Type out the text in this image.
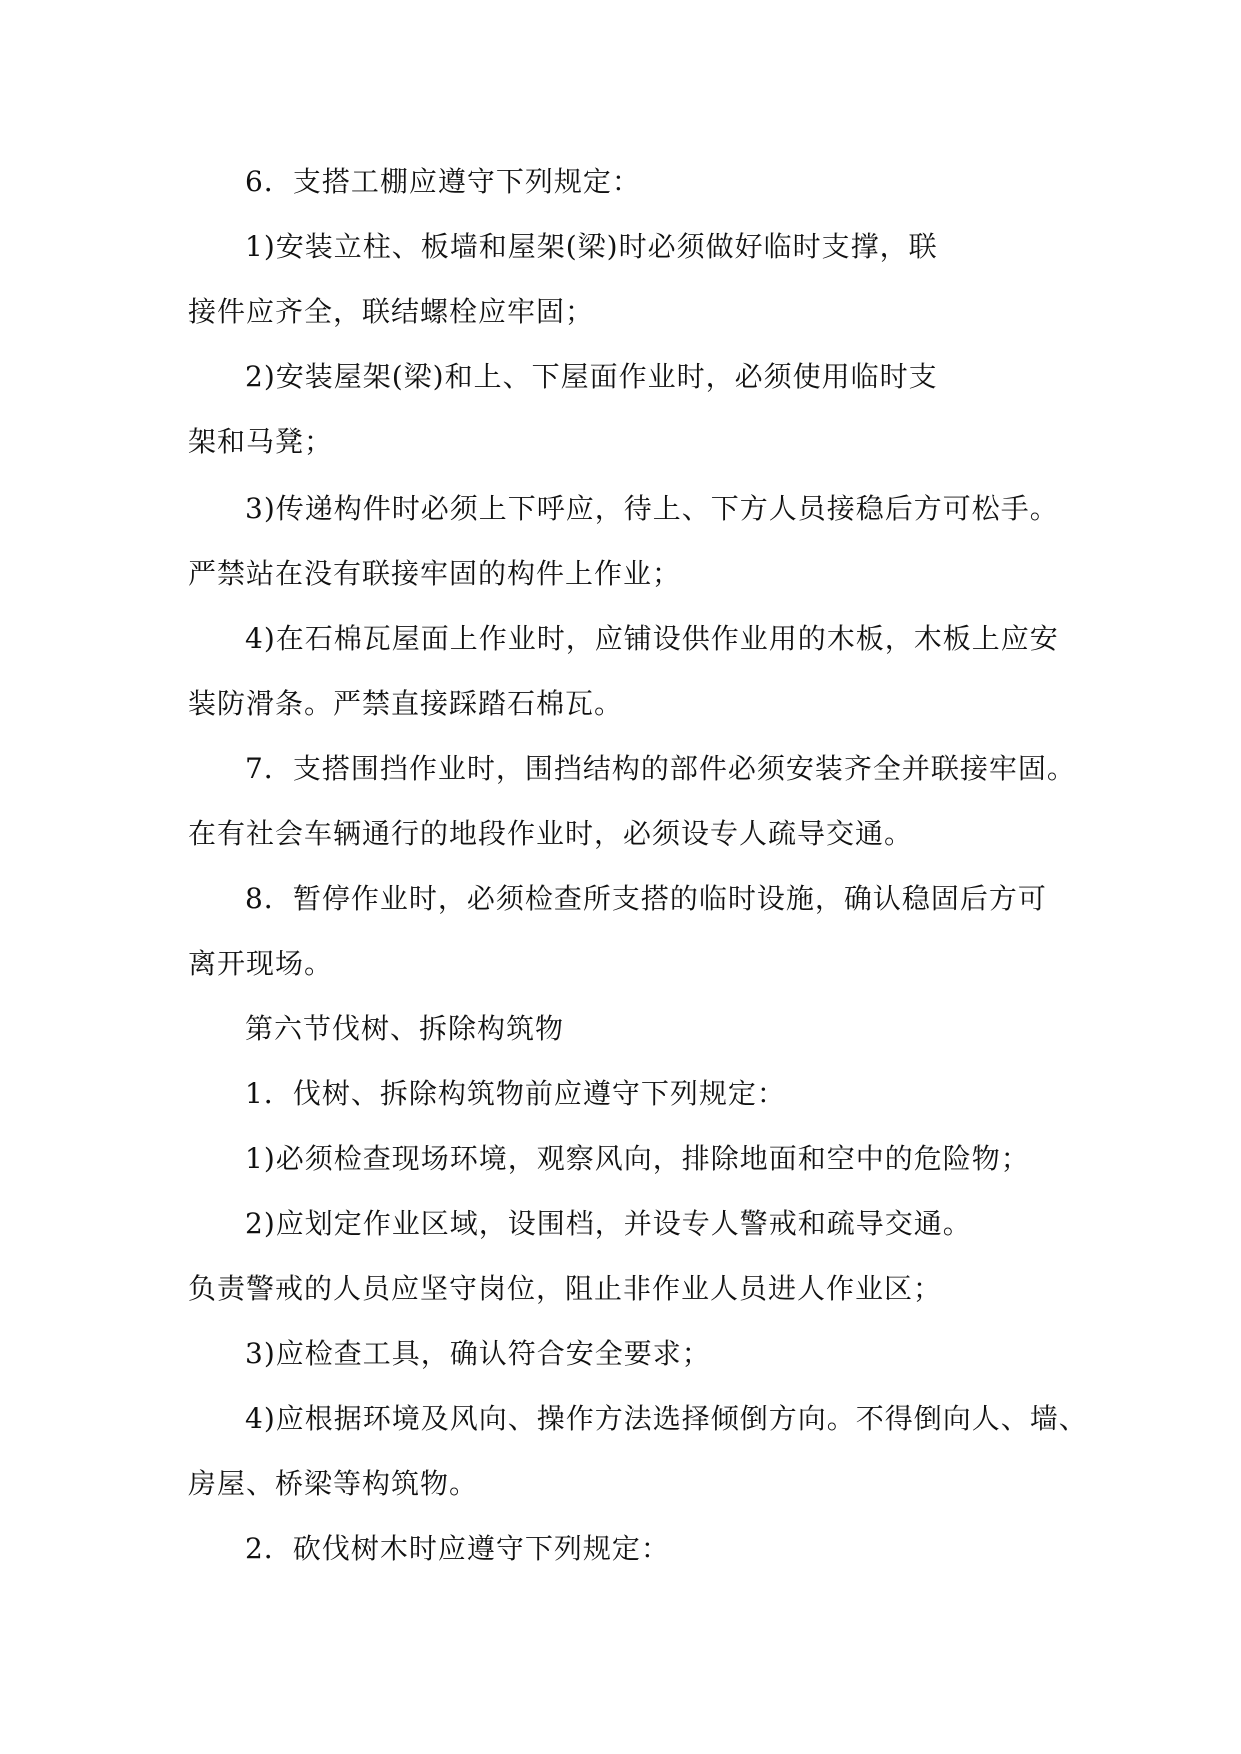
6．支搭工棚应遵守下列规定：
1)安装立柱、板墙和屋架(梁)时必须做好临时支撑，联
接件应齐全，联结螺栓应牢固；
2)安装屋架(梁)和上、下屋面作业时，必须使用临时支
架和马凳；
3)传递构件时必须上下呼应，待上、下方人员接稳后方可松手。
严禁站在没有联接牢固的构件上作业；
4)在石棉瓦屋面上作业时，应铺设供作业用的木板，木板上应安
装防滑条。严禁直接踩踏石棉瓦。
7．支搭围挡作业时，围挡结构的部件必须安装齐全并联接牢固。
在有社会车辆通行的地段作业时，必须设专人疏导交通。
8．暂停作业时，必须检查所支搭的临时设施，确认稳固后方可
离开现场。
第六节伐树、拆除构筑物
1．伐树、拆除构筑物前应遵守下列规定：
1)必须检查现场环境，观察风向，排除地面和空中的危险物；
2)应划定作业区域，设围档，并设专人警戒和疏导交通。
负责警戒的人员应坚守岗位，阻止非作业人员进人作业区；
3)应检查工具，确认符合安全要求；
4)应根据环境及风向、操作方法选择倾倒方向。不得倒向人、墙、
房屋、桥梁等构筑物。
2．砍伐树木时应遵守下列规定：
